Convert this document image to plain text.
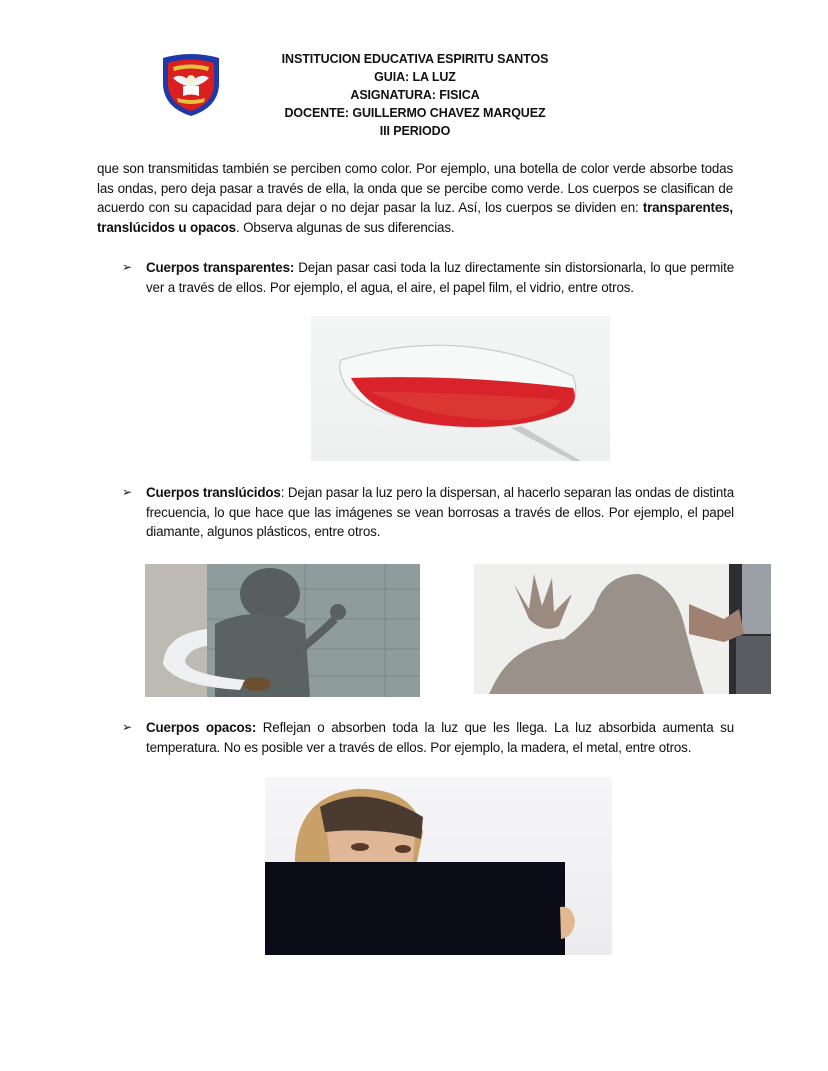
INSTITUCION EDUCATIVA ESPIRITU SANTOS
GUIA: LA LUZ
ASIGNATURA: FISICA
DOCENTE: GUILLERMO CHAVEZ MARQUEZ
III PERIODO
que son transmitidas también se perciben como color. Por ejemplo, una botella de color verde absorbe todas las ondas, pero deja pasar a través de ella, la onda que se percibe como verde. Los cuerpos se clasifican de acuerdo con su capacidad para dejar o no dejar pasar la luz. Así, los cuerpos se dividen en: transparentes, translúcidos u opacos. Observa algunas de sus diferencias.
➢ Cuerpos transparentes: Dejan pasar casi toda la luz directamente sin distorsionarla, lo que permite ver a través de ellos. Por ejemplo, el agua, el aire, el papel film, el vidrio, entre otros.
➢ Cuerpos translúcidos: Dejan pasar la luz pero la dispersan, al hacerlo separan las ondas de distinta frecuencia, lo que hace que las imágenes se vean borrosas a través de ellos. Por ejemplo, el papel diamante, algunos plásticos, entre otros.
➢ Cuerpos opacos: Reflejan o absorben toda la luz que les llega. La luz absorbida aumenta su temperatura. No es posible ver a través de ellos. Por ejemplo, la madera, el metal, entre otros.
